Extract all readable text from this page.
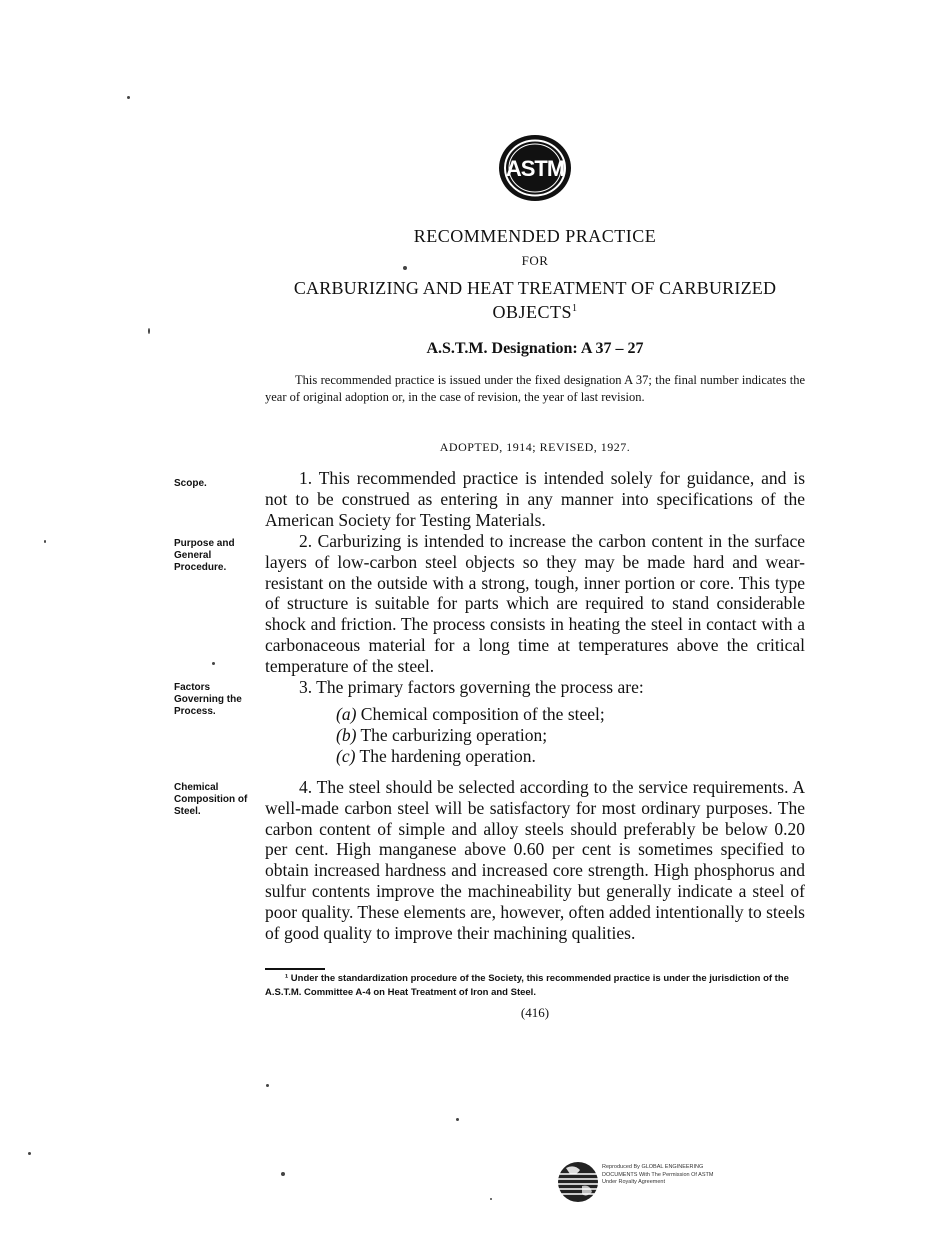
ASTM
RECOMMENDED PRACTICE
FOR
CARBURIZING AND HEAT TREATMENT OF CARBURIZED
OBJECTS$^1$
A.S.T.M. Designation: A 37 – 27
This recommended practice is issued under the fixed designation A 37; the final number indicates the year of original adoption or, in the case of revision, the year of last revision.
ADOPTED, 1914; REVISED, 1927.
Scope.	1. This recommended practice is intended solely for guidance, and is not to be construed as entering in any manner into specifications of the American Society for Testing Materials.
Purpose and General Procedure.
2. Carburizing is intended to increase the carbon content in the surface layers of low-carbon steel objects so they may be made hard and wear-resistant on the outside with a strong, tough, inner portion or core. This type of structure is suitable for parts which are required to stand considerable shock and friction. The process consists in heating the steel in contact with a carbonaceous material for a long time at temperatures above the critical temperature of the steel.
Factors Governing the Process.
3. The primary factors governing the process are:
(a) Chemical composition of the steel;
(b) The carburizing operation;
(c) The hardening operation.
Chemical Composition of Steel.
4. The steel should be selected according to the service requirements. A well-made carbon steel will be satisfactory for most ordinary purposes. The carbon content of simple and alloy steels should preferably be below 0.20 per cent. High manganese above 0.60 per cent is sometimes specified to obtain increased hardness and increased core strength. High phosphorus and sulfur contents improve the machineability but generally indicate a steel of poor quality. These elements are, however, often added intentionally to steels of good quality to improve their machining qualities.
¹ Under the standardization procedure of the Society, this recommended practice is under the jurisdiction of the A.S.T.M. Committee A-4 on Heat Treatment of Iron and Steel.
(416)
Reproduced By GLOBAL ENGINEERING
DOCUMENTS With The Permission Of ASTM
Under Royalty Agreement
